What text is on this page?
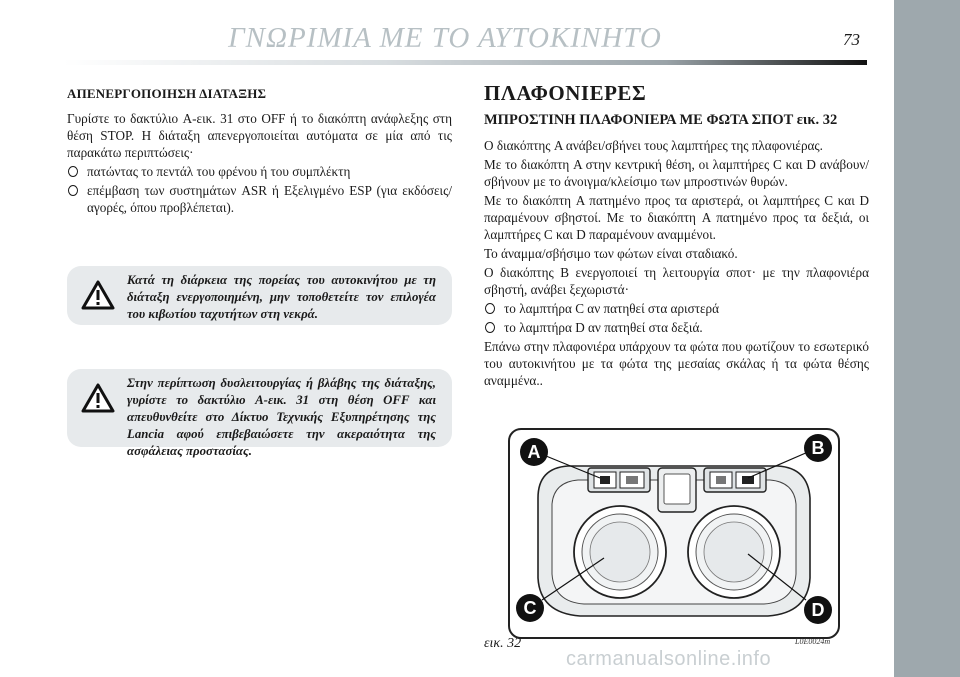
ΓΝΩΡΙΜΙΑ ΜΕ ΤΟ ΑΥΤΟΚΙΝΗΤΟ	73
ΑΠΕΝΕΡΓΟΠΟΙΗΣΗ ΔΙΑΤΑΞΗΣ

Γυρίστε το δακτύλιο A-εικ. 31 στο OFF ή το διακόπτη ανάφλεξης στη θέση STOP. Η διάταξη απενεργοποιείται αυτόματα σε μία από τις παρακάτω περιπτώσεις·

πατώντας το πεντάλ του φρένου ή του συμπλέκτη
επέμβαση των συστημάτων ASR ή Εξελιγμένο ESP (για εκδόσεις/αγορές, όπου προβλέπεται).
Κατά τη διάρκεια της πορείας του αυτοκινήτου με τη διάταξη ενεργοποιημένη, μην τοποθετείτε τον επιλογέα του κιβωτίου ταχυτήτων στη νεκρά.
Στην περίπτωση δυσλειτουργίας ή βλάβης της διάταξης, γυρίστε το δακτύλιο A-εικ. 31 στη θέση OFF και απευθυνθείτε στο Δίκτυο Τεχνικής Εξυπηρέτησης της Lancia αφού επιβεβαιώσετε την ακεραιότητα της ασφάλειας προστασίας.
ΠΛΑΦΟΝΙΕΡΕΣ
ΜΠΡΟΣΤΙΝΗ ΠΛΑΦΟΝΙΕΡΑ ΜΕ ΦΩΤΑ ΣΠΟΤ εικ. 32

Ο διακόπτης A ανάβει/σβήνει τους λαμπτήρες της πλαφονιέρας.

Με το διακόπτη A στην κεντρική θέση, οι λαμπτήρες C και D ανάβουν/σβήνουν με το άνοιγμα/κλείσιμο των μπροστινών θυρών.

Με το διακόπτη A πατημένο προς τα αριστερά, οι λαμπτήρες C και D παραμένουν σβηστοί. Με το διακόπτη A πατημένο προς τα δεξιά, οι λαμπτήρες C και D παραμένουν αναμμένοι.

Το άναμμα/σβήσιμο των φώτων είναι σταδιακό.

Ο διακόπτης B ενεργοποιεί τη λειτουργία σποτ· με την πλαφονιέρα σβηστή, ανάβει ξεχωριστά·

το λαμπτήρα C αν πατηθεί στα αριστερά
το λαμπτήρα D αν πατηθεί στα δεξιά.

Επάνω στην πλαφονιέρα υπάρχουν τα φώτα που φωτίζουν το εσωτερικό του αυτοκινήτου με τα φώτα της μεσαίας σκάλας ή τα φώτα θέσης αναμμένα..

A	B
C	D
εικ. 32	L0E0024m
carmanualsonline.info
